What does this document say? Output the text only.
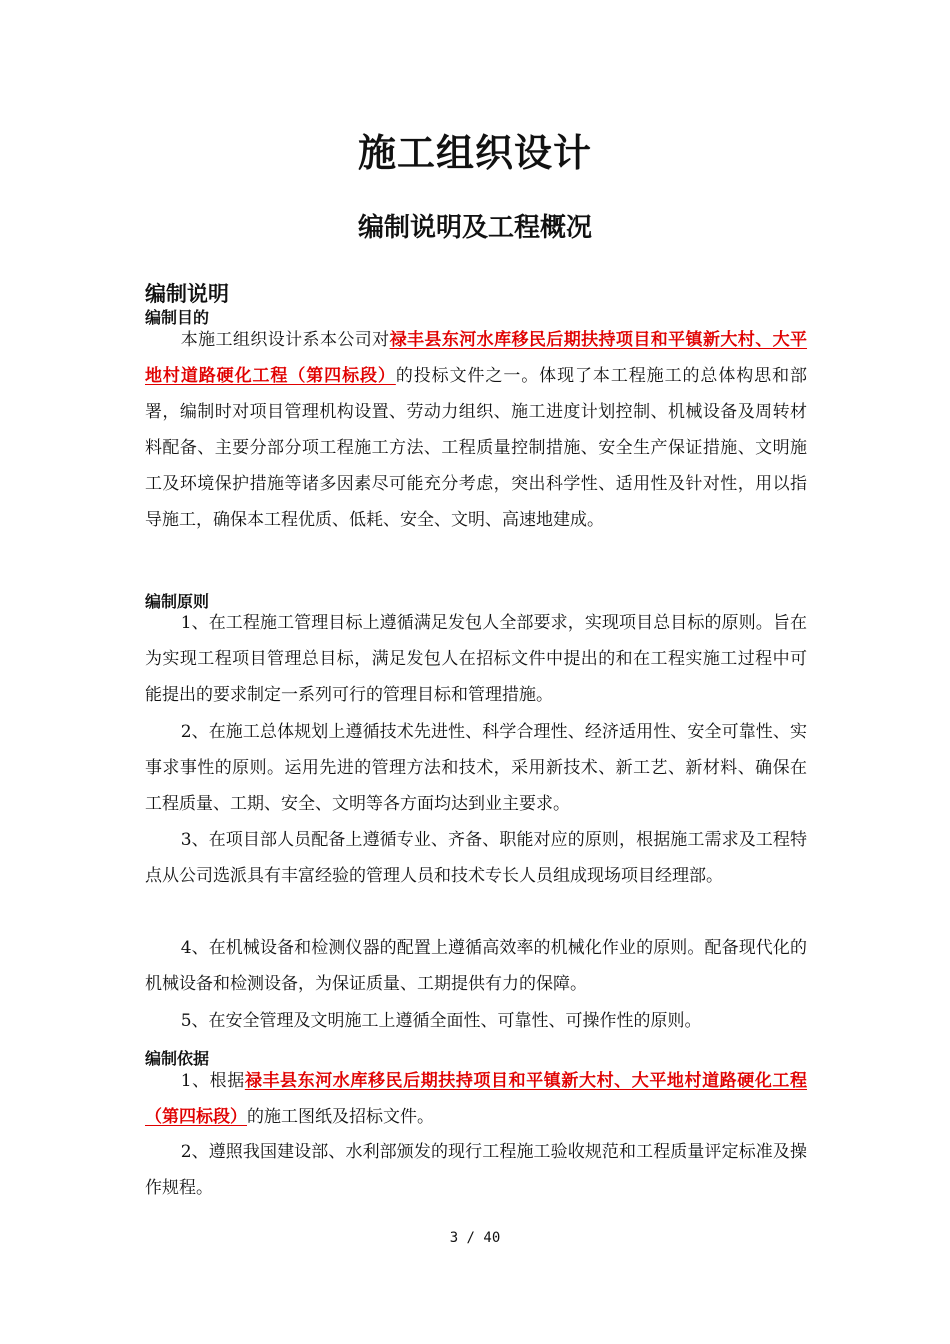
施工组织设计
编制说明及工程概况
编制说明
编制目的

本施工组织设计系本公司对禄丰县东河水库移民后期扶持项目和平镇新大村、大平地村道路硬化工程（第四标段）的投标文件之一。体现了本工程施工的总体构思和部署，编制时对项目管理机构设置、劳动力组织、施工进度计划控制、机械设备及周转材料配备、主要分部分项工程施工方法、工程质量控制措施、安全生产保证措施、文明施工及环境保护措施等诸多因素尽可能充分考虑，突出科学性、适用性及针对性，用以指导施工，确保本工程优质、低耗、安全、文明、高速地建成。

编制原则

1、在工程施工管理目标上遵循满足发包人全部要求，实现项目总目标的原则。旨在为实现工程项目管理总目标，满足发包人在招标文件中提出的和在工程实施工过程中可能提出的要求制定一系列可行的管理目标和管理措施。

2、在施工总体规划上遵循技术先进性、科学合理性、经济适用性、安全可靠性、实事求事性的原则。运用先进的管理方法和技术，采用新技术、新工艺、新材料、确保在工程质量、工期、安全、文明等各方面均达到业主要求。

3、在项目部人员配备上遵循专业、齐备、职能对应的原则，根据施工需求及工程特点从公司选派具有丰富经验的管理人员和技术专长人员组成现场项目经理部。

4、在机械设备和检测仪器的配置上遵循高效率的机械化作业的原则。配备现代化的机械设备和检测设备，为保证质量、工期提供有力的保障。

5、在安全管理及文明施工上遵循全面性、可靠性、可操作性的原则。

编制依据

1、根据禄丰县东河水库移民后期扶持项目和平镇新大村、大平地村道路硬化工程（第四标段）的施工图纸及招标文件。

2、遵照我国建设部、水利部颁发的现行工程施工验收规范和工程质量评定标准及操作规程。

3 / 40
